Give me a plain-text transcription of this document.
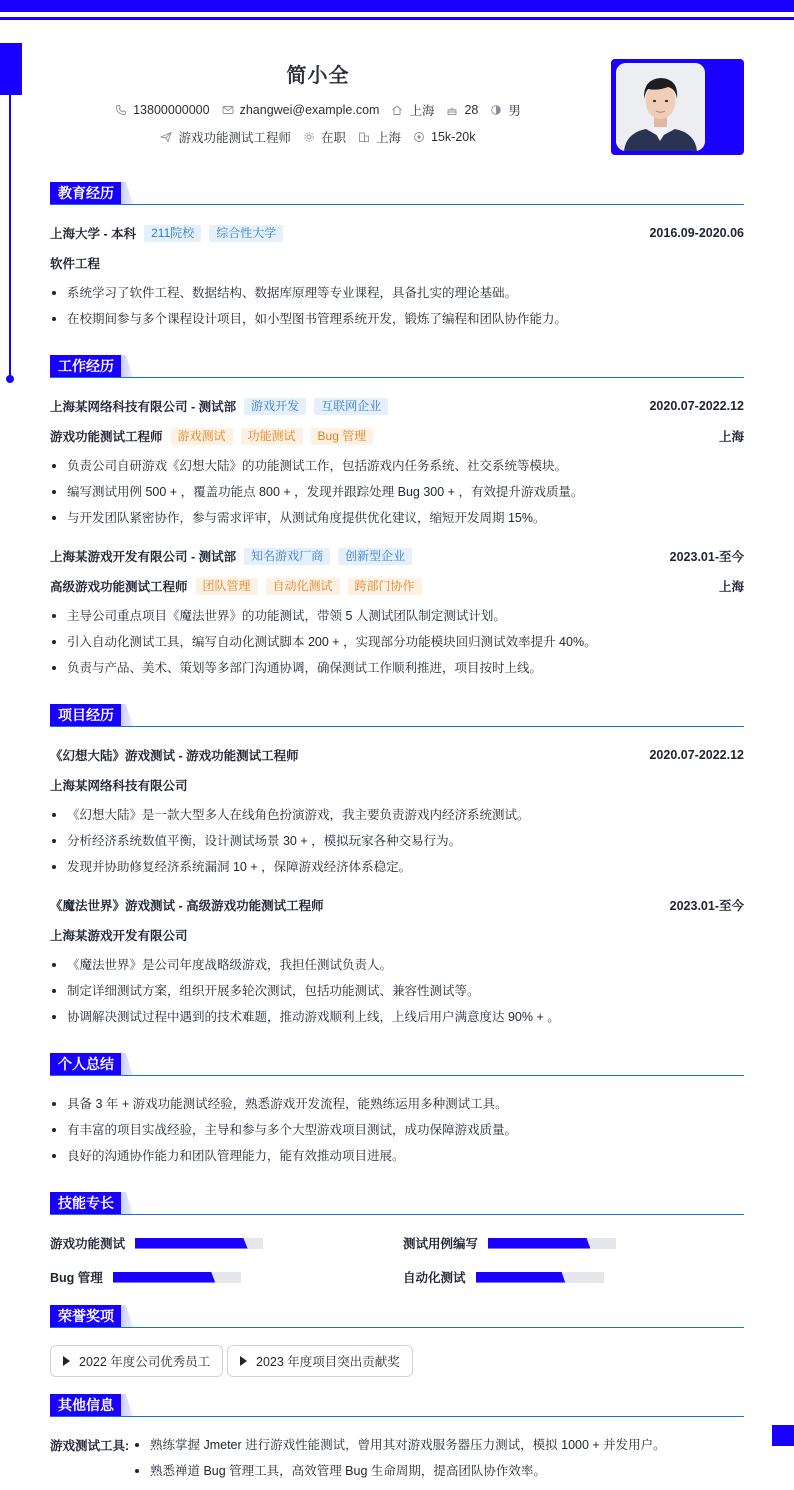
简小全
13800000000 zhangwei@example.com 上海 28 男
游戏功能测试工程师 在职 上海 15k-20k
教育经历
上海大学 - 本科	211院校	综合性大学	2016.09-2020.06
软件工程
系统学习了软件工程、数据结构、数据库原理等专业课程，具备扎实的理论基础。
在校期间参与多个课程设计项目，如小型图书管理系统开发，锻炼了编程和团队协作能力。
工作经历
上海某网络科技有限公司 - 测试部	游戏开发	互联网企业	2020.07-2022.12
游戏功能测试工程师	游戏测试	功能测试	Bug 管理	上海
负责公司自研游戏《幻想大陆》的功能测试工作，包括游戏内任务系统、社交系统等模块。
编写测试用例 500 + ，覆盖功能点 800 + ，发现并跟踪处理 Bug 300 + ，有效提升游戏质量。
与开发团队紧密协作，参与需求评审，从测试角度提供优化建议，缩短开发周期 15%。
上海某游戏开发有限公司 - 测试部	知名游戏厂商	创新型企业	2023.01-至今
高级游戏功能测试工程师	团队管理	自动化测试	跨部门协作	上海
主导公司重点项目《魔法世界》的功能测试，带领 5 人测试团队制定测试计划。
引入自动化测试工具，编写自动化测试脚本 200 + ，实现部分功能模块回归测试效率提升 40%。
负责与产品、美术、策划等多部门沟通协调，确保测试工作顺利推进，项目按时上线。
项目经历
《幻想大陆》游戏测试 - 游戏功能测试工程师	2020.07-2022.12
上海某网络科技有限公司
《幻想大陆》是一款大型多人在线角色扮演游戏，我主要负责游戏内经济系统测试。
分析经济系统数值平衡，设计测试场景 30 + ，模拟玩家各种交易行为。
发现并协助修复经济系统漏洞 10 + ，保障游戏经济体系稳定。
《魔法世界》游戏测试 - 高级游戏功能测试工程师	2023.01-至今
上海某游戏开发有限公司
《魔法世界》是公司年度战略级游戏，我担任测试负责人。
制定详细测试方案，组织开展多轮次测试，包括功能测试、兼容性测试等。
协调解决测试过程中遇到的技术难题，推动游戏顺利上线，上线后用户满意度达 90% + 。
个人总结
具备 3 年 + 游戏功能测试经验，熟悉游戏开发流程，能熟练运用多种测试工具。
有丰富的项目实战经验，主导和参与多个大型游戏项目测试，成功保障游戏质量。
良好的沟通协作能力和团队管理能力，能有效推动项目进展。
技能专长
游戏功能测试	测试用例编写
Bug 管理	自动化测试
荣誉奖项
2022 年度公司优秀员工	2023 年度项目突出贡献奖
其他信息
游戏测试工具:	熟练掌握 Jmeter 进行游戏性能测试，曾用其对游戏服务器压力测试，模拟 1000 + 并发用户。
熟悉禅道 Bug 管理工具，高效管理 Bug 生命周期，提高团队协作效率。
